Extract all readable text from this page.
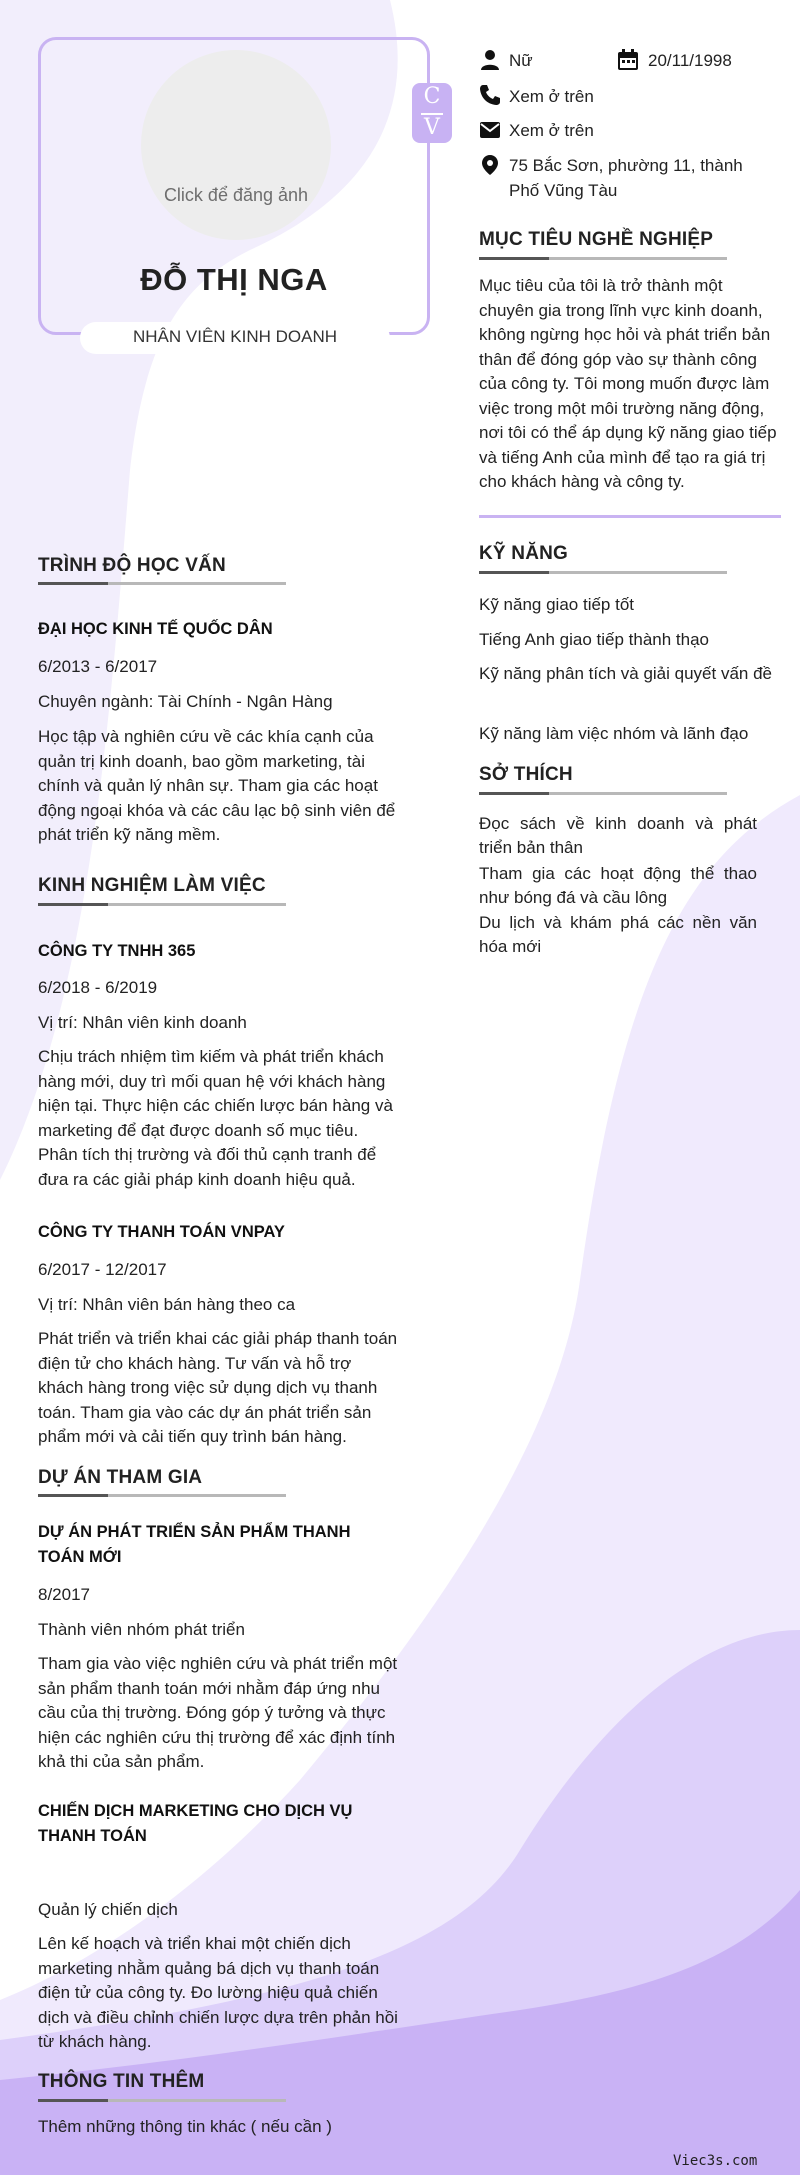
Click để đăng ảnh
ĐỖ THỊ NGA
NHÂN VIÊN KINH DOANH
C
V
Nữ	20/11/1998
Xem ở trên
Xem ở trên
75 Bắc Sơn, phường 11, thành Phố Vũng Tàu
MỤC TIÊU NGHỀ NGHIỆP
Mục tiêu của tôi là trở thành một chuyên gia trong lĩnh vực kinh doanh, không ngừng học hỏi và phát triển bản thân để đóng góp vào sự thành công của công ty. Tôi mong muốn được làm việc trong một môi trường năng động, nơi tôi có thể áp dụng kỹ năng giao tiếp và tiếng Anh của mình để tạo ra giá trị cho khách hàng và công ty.
KỸ NĂNG
Kỹ năng giao tiếp tốt
Tiếng Anh giao tiếp thành thạo
Kỹ năng phân tích và giải quyết vấn đề
Kỹ năng làm việc nhóm và lãnh đạo
SỞ THÍCH
Đọc sách về kinh doanh và phát triển bản thân
Tham gia các hoạt động thể thao như bóng đá và cầu lông
Du lịch và khám phá các nền văn hóa mới
TRÌNH ĐỘ HỌC VẤN
ĐẠI HỌC KINH TẾ QUỐC DÂN
6/2013 - 6/2017
Chuyên ngành: Tài Chính - Ngân Hàng
Học tập và nghiên cứu về các khía cạnh của quản trị kinh doanh, bao gồm marketing, tài chính và quản lý nhân sự. Tham gia các hoạt động ngoại khóa và các câu lạc bộ sinh viên để phát triển kỹ năng mềm.
KINH NGHIỆM LÀM VIỆC
CÔNG TY TNHH 365
6/2018 - 6/2019
Vị trí: Nhân viên kinh doanh
Chịu trách nhiệm tìm kiếm và phát triển khách hàng mới, duy trì mối quan hệ với khách hàng hiện tại. Thực hiện các chiến lược bán hàng và marketing để đạt được doanh số mục tiêu. Phân tích thị trường và đối thủ cạnh tranh để đưa ra các giải pháp kinh doanh hiệu quả.
CÔNG TY THANH TOÁN VNPAY
6/2017 - 12/2017
Vị trí: Nhân viên bán hàng theo ca
Phát triển và triển khai các giải pháp thanh toán điện tử cho khách hàng. Tư vấn và hỗ trợ khách hàng trong việc sử dụng dịch vụ thanh toán. Tham gia vào các dự án phát triển sản phẩm mới và cải tiến quy trình bán hàng.
DỰ ÁN THAM GIA
DỰ ÁN PHÁT TRIỂN SẢN PHẨM THANH TOÁN MỚI
8/2017
Thành viên nhóm phát triển
Tham gia vào việc nghiên cứu và phát triển một sản phẩm thanh toán mới nhằm đáp ứng nhu cầu của thị trường. Đóng góp ý tưởng và thực hiện các nghiên cứu thị trường để xác định tính khả thi của sản phẩm.
CHIẾN DỊCH MARKETING CHO DỊCH VỤ THANH TOÁN
Quản lý chiến dịch
Lên kế hoạch và triển khai một chiến dịch marketing nhằm quảng bá dịch vụ thanh toán điện tử của công ty. Đo lường hiệu quả chiến dịch và điều chỉnh chiến lược dựa trên phản hồi từ khách hàng.
THÔNG TIN THÊM
Thêm những thông tin khác ( nếu cần )
Viec3s.com
